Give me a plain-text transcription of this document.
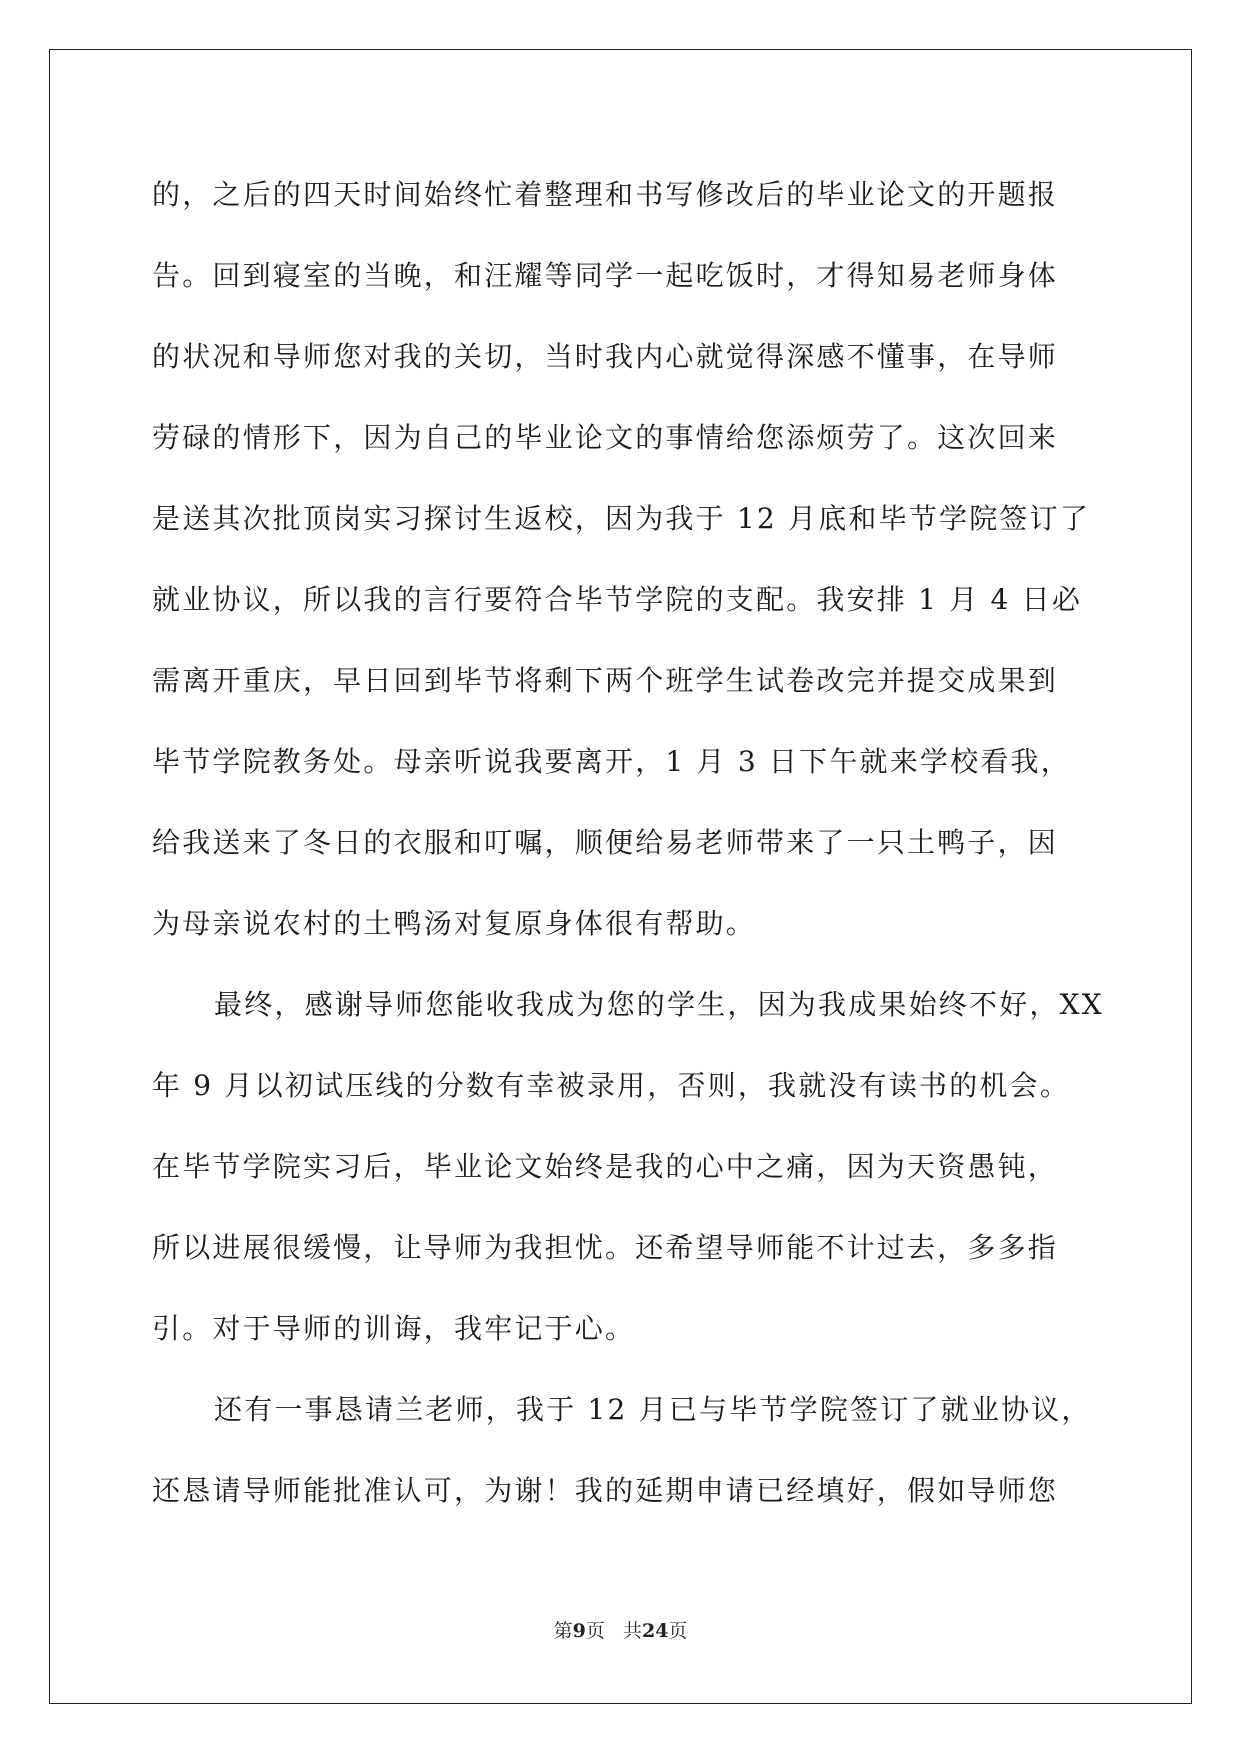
的，之后的四天时间始终忙着整理和书写修改后的毕业论文的开题报
告。回到寝室的当晚，和汪耀等同学一起吃饭时，才得知易老师身体
的状况和导师您对我的关切，当时我内心就觉得深感不懂事，在导师
劳碌的情形下，因为自己的毕业论文的事情给您添烦劳了。这次回来
是送其次批顶岗实习探讨生返校，因为我于 12 月底和毕节学院签订了
就业协议，所以我的言行要符合毕节学院的支配。我安排 1 月 4 日必
需离开重庆，早日回到毕节将剩下两个班学生试卷改完并提交成果到
毕节学院教务处。母亲听说我要离开，1 月 3 日下午就来学校看我，
给我送来了冬日的衣服和叮嘱，顺便给易老师带来了一只土鸭子，因
为母亲说农村的土鸭汤对复原身体很有帮助。
最终，感谢导师您能收我成为您的学生，因为我成果始终不好，XX
年 9 月以初试压线的分数有幸被录用，否则，我就没有读书的机会。
在毕节学院实习后，毕业论文始终是我的心中之痛，因为天资愚钝，
所以进展很缓慢，让导师为我担忧。还希望导师能不计过去，多多指
引。对于导师的训诲，我牢记于心。
还有一事恳请兰老师，我于 12 月已与毕节学院签订了就业协议，
还恳请导师能批准认可，为谢！我的延期申请已经填好，假如导师您
第9页 共24页
